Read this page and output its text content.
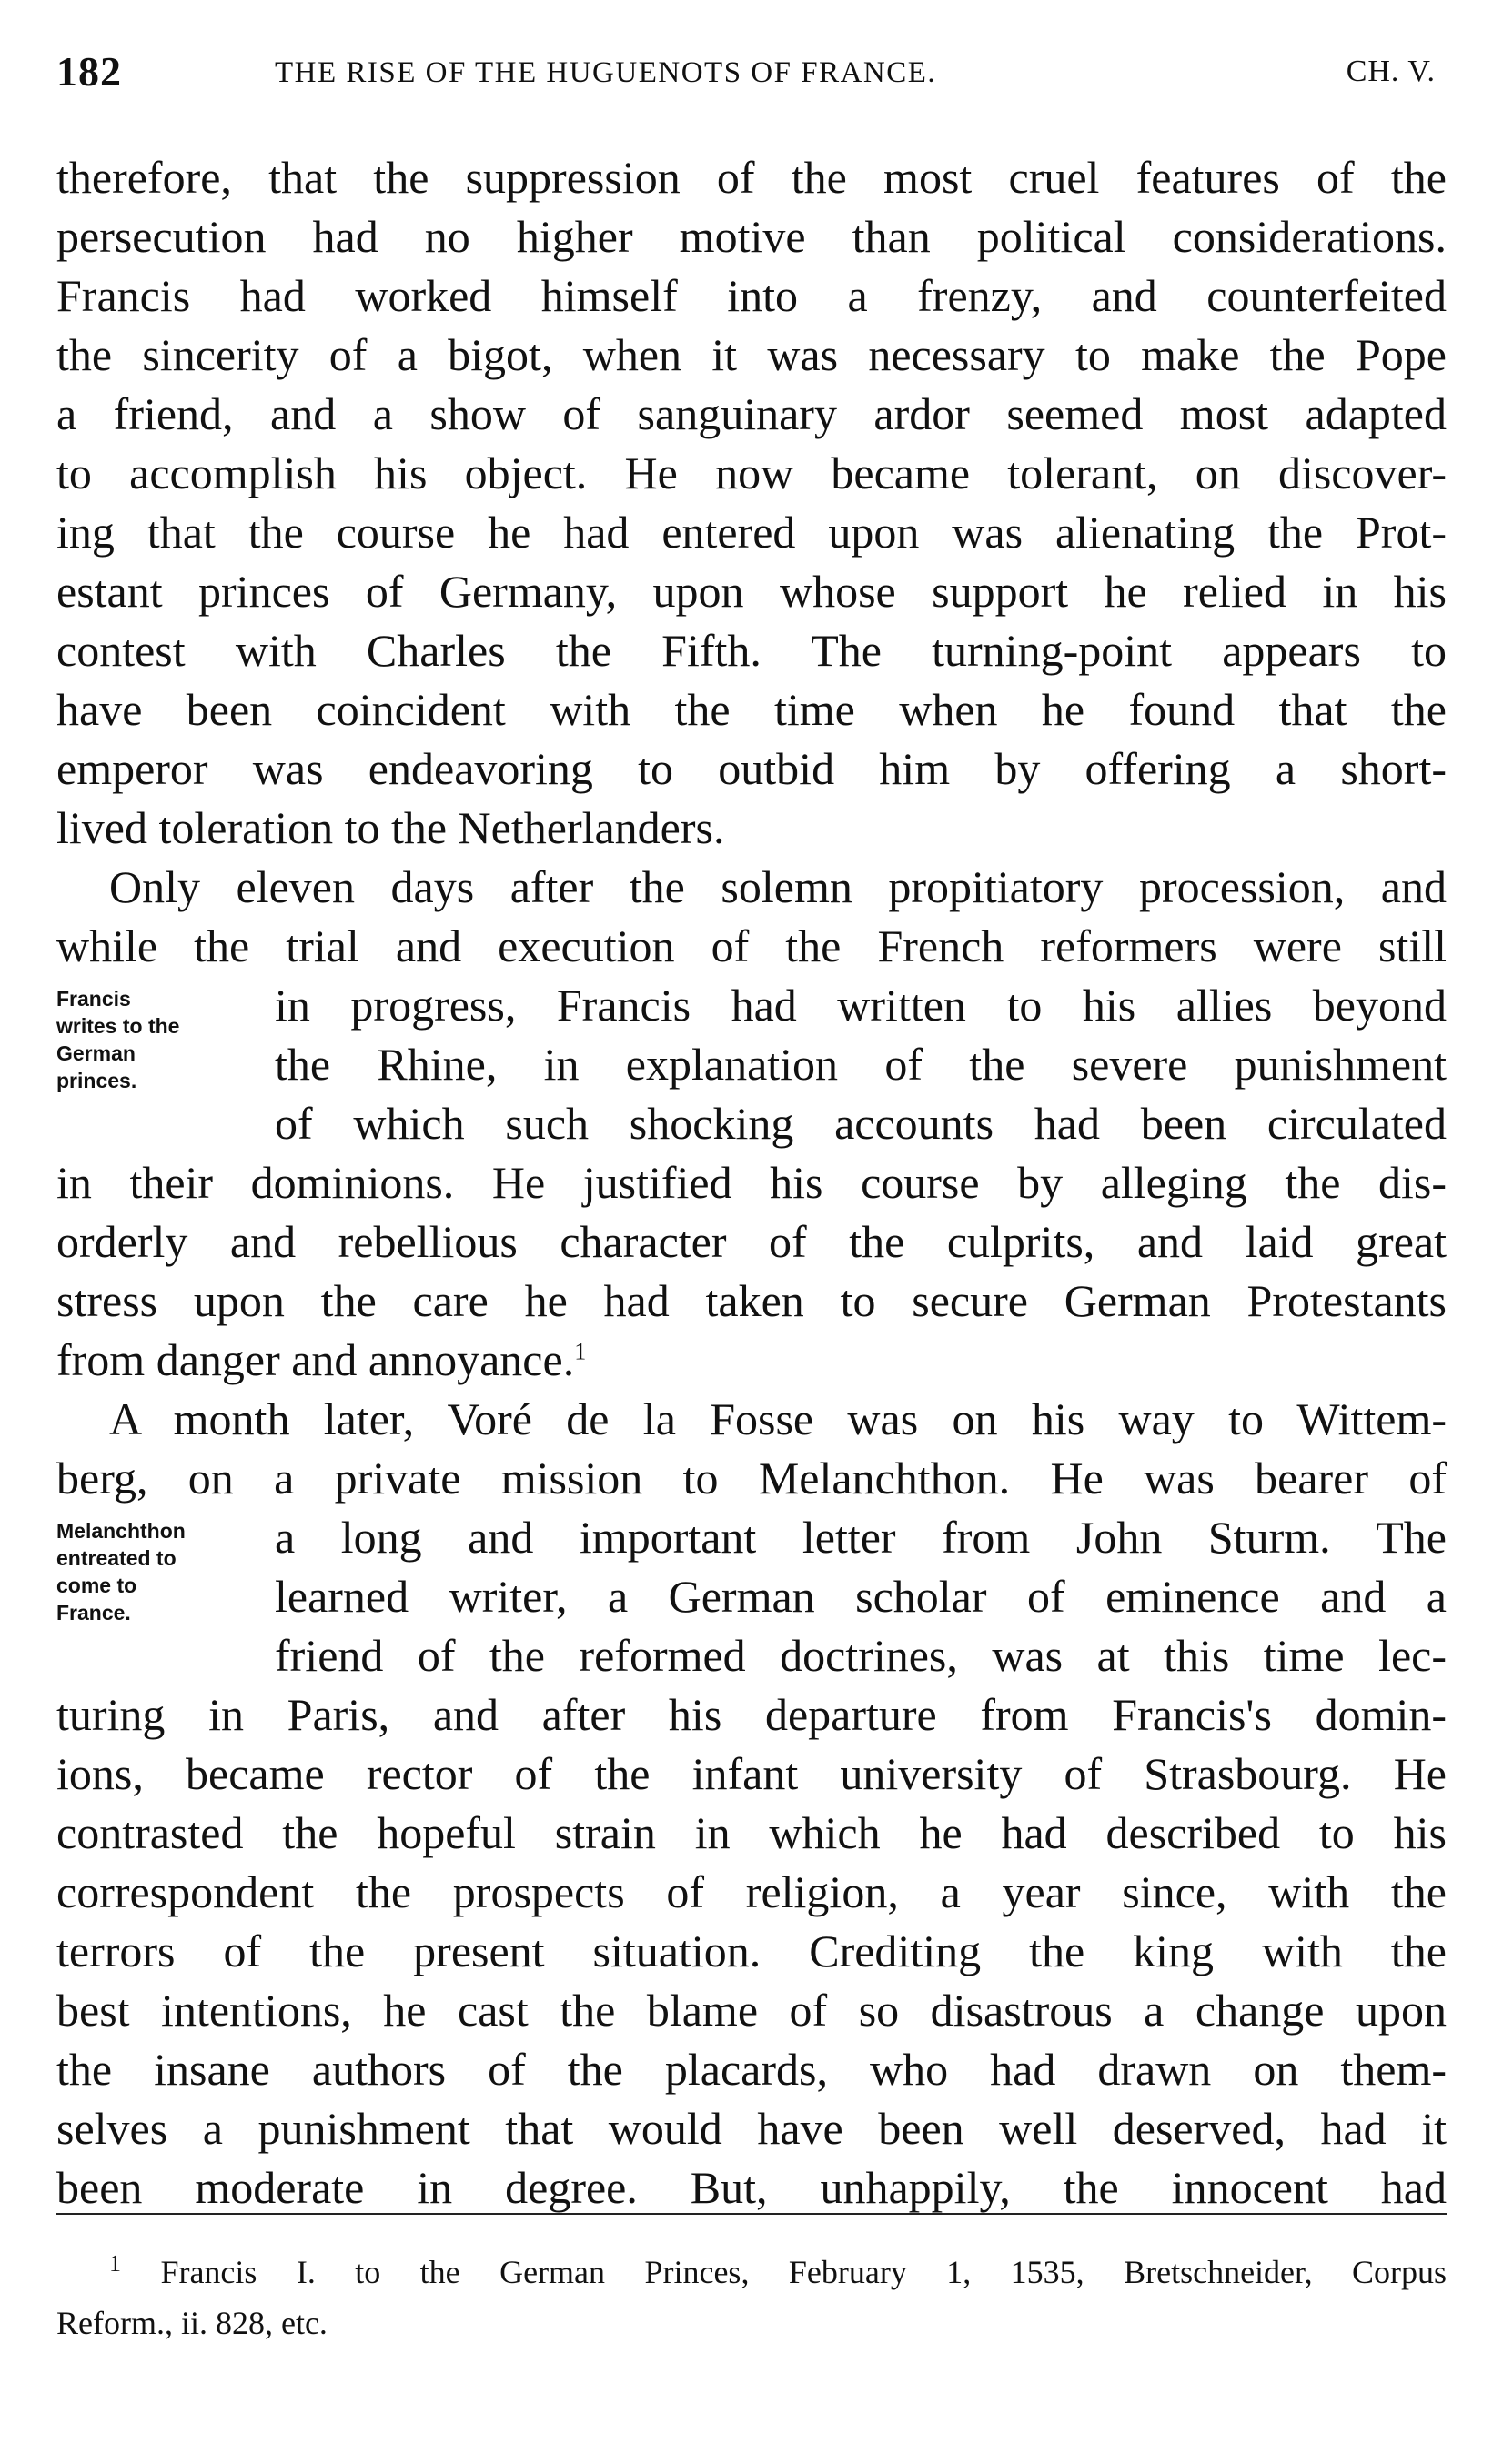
182	THE RISE OF THE HUGUENOTS OF FRANCE.	CH. V.
therefore, that the suppression of the most cruel features of the
persecution had no higher motive than political considerations.
Francis had worked himself into a frenzy, and counterfeited
the sincerity of a bigot, when it was necessary to make the Pope
a friend, and a show of sanguinary ardor seemed most adapted
to accomplish his object. He now became tolerant, on discover-
ing that the course he had entered upon was alienating the Prot-
estant princes of Germany, upon whose support he relied in his
contest with Charles the Fifth. The turning-point appears to
have been coincident with the time when he found that the
emperor was endeavoring to outbid him by offering a short-
lived toleration to the Netherlanders.
Only eleven days after the solemn propitiatory procession, and
while the trial and execution of the French reformers were still
Francis
writes to the
German
princes.
in progress, Francis had written to his allies beyond
the Rhine, in explanation of the severe punishment
of which such shocking accounts had been circulated
in their dominions. He justified his course by alleging the dis-
orderly and rebellious character of the culprits, and laid great
stress upon the care he had taken to secure German Protestants
from danger and annoyance.$^1$
A month later, Voré de la Fosse was on his way to Wittem-
berg, on a private mission to Melanchthon. He was bearer of
Melanchthon
entreated to
come to
France.
a long and important letter from John Sturm. The
learned writer, a German scholar of eminence and a
friend of the reformed doctrines, was at this time lec-
turing in Paris, and after his departure from Francis's domin-
ions, became rector of the infant university of Strasbourg. He
contrasted the hopeful strain in which he had described to his
correspondent the prospects of religion, a year since, with the
terrors of the present situation. Crediting the king with the
best intentions, he cast the blame of so disastrous a change upon
the insane authors of the placards, who had drawn on them-
selves a punishment that would have been well deserved, had it
been moderate in degree. But, unhappily, the innocent had
$^1$ Francis I. to the German Princes, February 1, 1535, Bretschneider, Corpus
Reform., ii. 828, etc.
